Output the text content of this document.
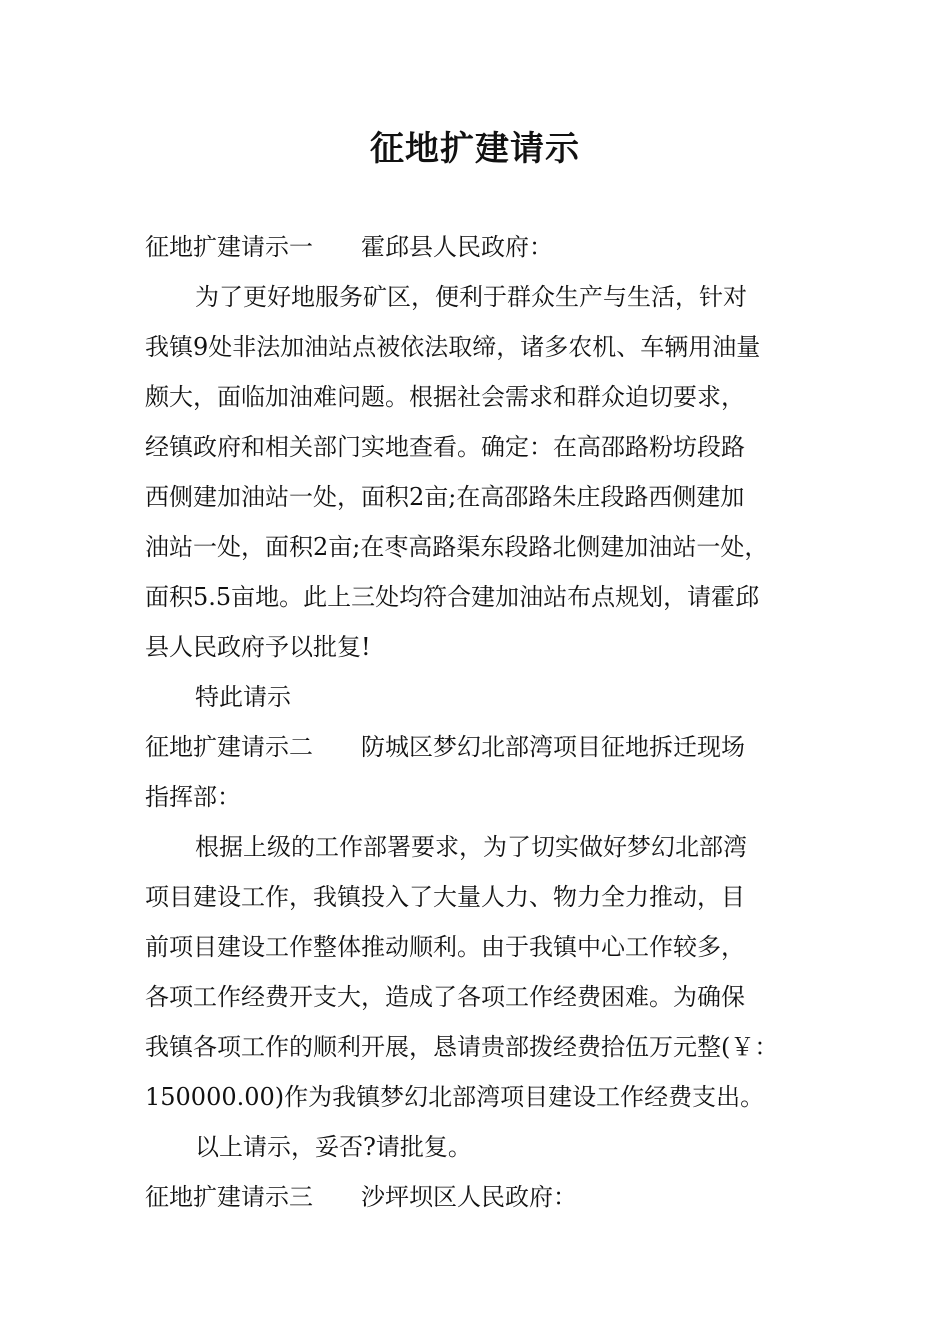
征地扩建请示
征地扩建请示一 霍邱县人民政府：
为了更好地服务矿区，便利于群众生产与生活，针对
我镇9处非法加油站点被依法取缔，诸多农机、车辆用油量
颇大，面临加油难问题。根据社会需求和群众迫切要求，
经镇政府和相关部门实地查看。确定：在高邵路粉坊段路
西侧建加油站一处，面积2亩;在高邵路朱庄段路西侧建加
油站一处，面积2亩;在枣高路渠东段路北侧建加油站一处，
面积5.5亩地。此上三处均符合建加油站布点规划，请霍邱
县人民政府予以批复!
特此请示
征地扩建请示二 防城区梦幻北部湾项目征地拆迁现场
指挥部：
根据上级的工作部署要求，为了切实做好梦幻北部湾
项目建设工作，我镇投入了大量人力、物力全力推动，目
前项目建设工作整体推动顺利。由于我镇中心工作较多，
各项工作经费开支大，造成了各项工作经费困难。为确保
我镇各项工作的顺利开展，恳请贵部拨经费拾伍万元整(￥：
150000.00)作为我镇梦幻北部湾项目建设工作经费支出。
以上请示，妥否?请批复。
征地扩建请示三 沙坪坝区人民政府：
